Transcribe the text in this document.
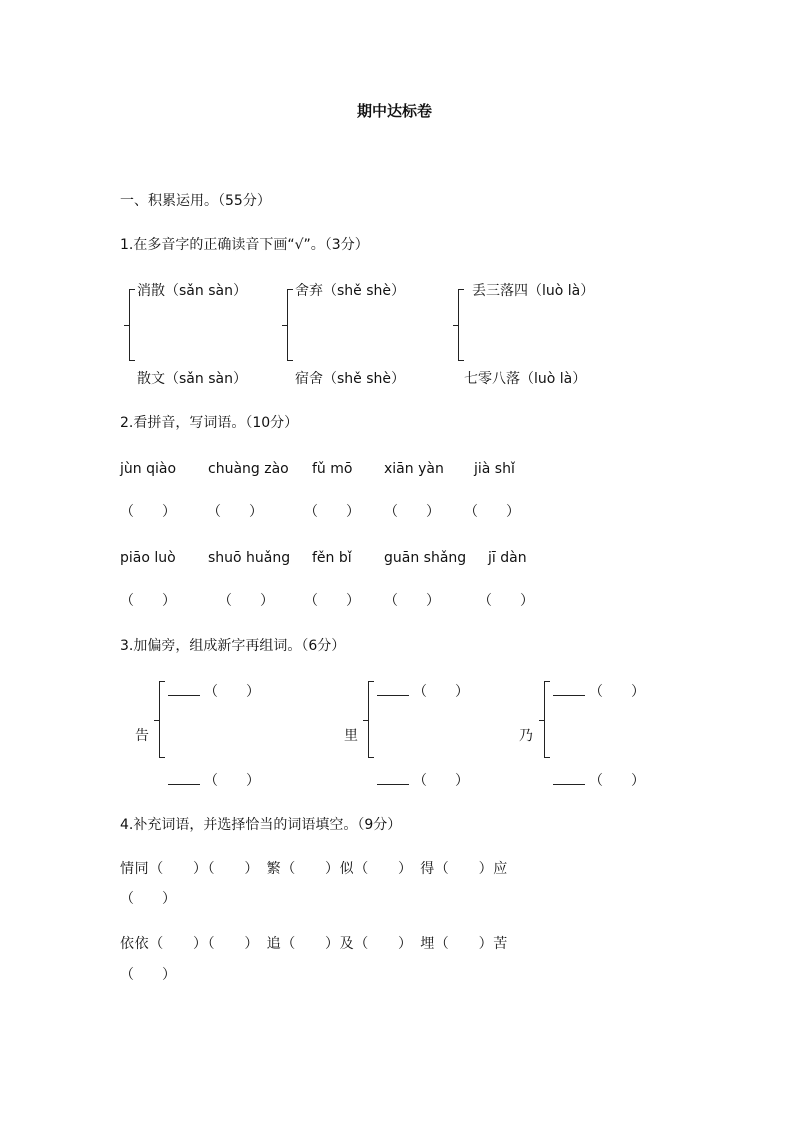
期中达标卷
一、积累运用。（55分）
1.在多音字的正确读音下画“√”。（3分）
消散（sǎn sàn）
散文（sǎn sàn）
舍弃（shě shè）
宿舍（shě shè）
丢三落四（luò là）
七零八落（luò là）
2.看拼音，写词语。（10分）
jùn qiào chuàng zào fǔ mō xiān yàn jià shǐ
（　　） （　　）	（　　） （　　） （　　）
piāo luò shuō huǎng fěn bǐ guān shǎng jī dàn
（　　）	（　　） （　　） （　　）	（　　）
3.加偏旁，组成新字再组词。（6分）
告
（　　）
（　　）
里
（　　）
（　　）
乃
（　　）
（　　）
4.补充词语，并选择恰当的词语填空。（9分）
情同（　　）（　　）　繁（　　）似（　　）　得（　　）应
（　　）
依依（　　）（　　）　追（　　）及（　　）　埋（　　）苦
（　　）
